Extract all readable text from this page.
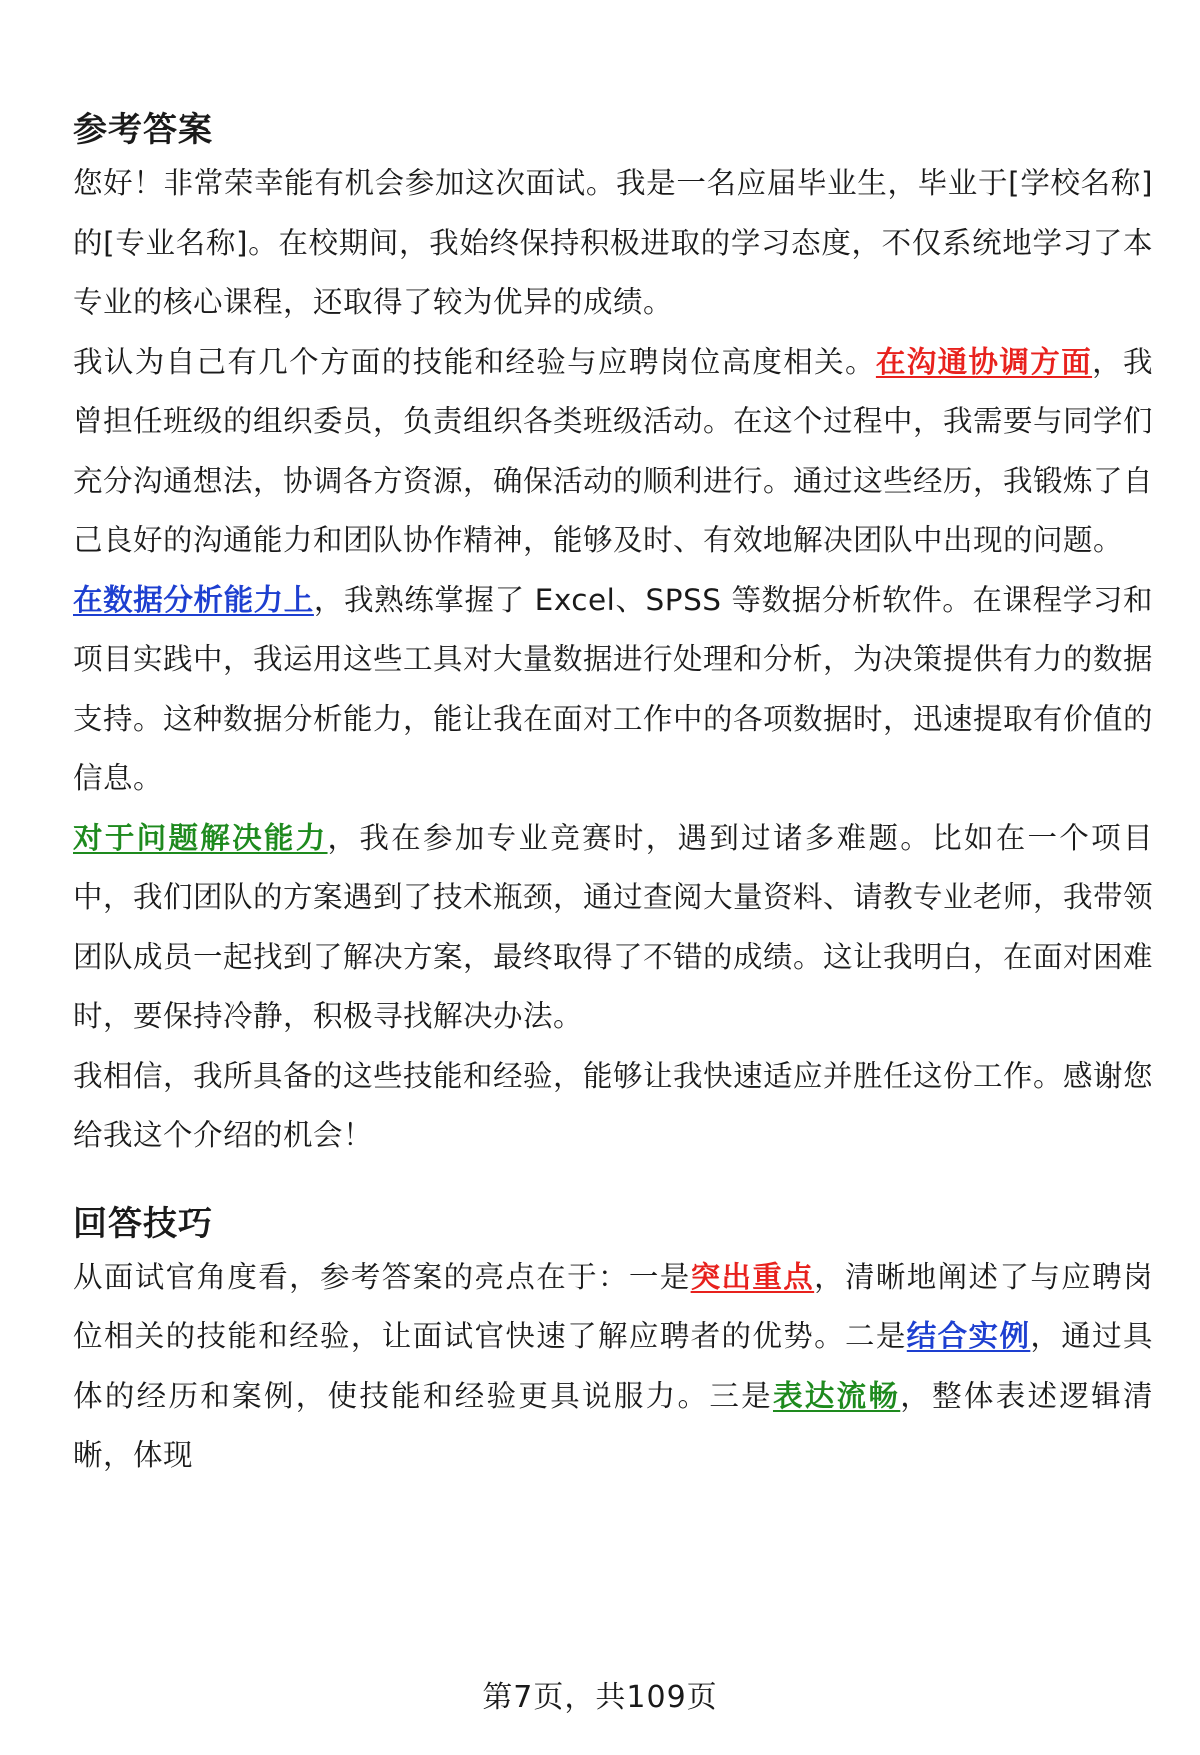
参考答案

您好！非常荣幸能有机会参加这次面试。我是一名应届毕业生，毕业于[学校名称]的[专业名称]。在校期间，我始终保持积极进取的学习态度，不仅系统地学习了本专业的核心课程，还取得了较为优异的成绩。

我认为自己有几个方面的技能和经验与应聘岗位高度相关。在沟通协调方面，我曾担任班级的组织委员，负责组织各类班级活动。在这个过程中，我需要与同学们充分沟通想法，协调各方资源，确保活动的顺利进行。通过这些经历，我锻炼了自己良好的沟通能力和团队协作精神，能够及时、有效地解决团队中出现的问题。

在数据分析能力上，我熟练掌握了 Excel、SPSS 等数据分析软件。在课程学习和项目实践中，我运用这些工具对大量数据进行处理和分析，为决策提供有力的数据支持。这种数据分析能力，能让我在面对工作中的各项数据时，迅速提取有价值的信息。

对于问题解决能力，我在参加专业竞赛时，遇到过诸多难题。比如在一个项目中，我们团队的方案遇到了技术瓶颈，通过查阅大量资料、请教专业老师，我带领团队成员一起找到了解决方案，最终取得了不错的成绩。这让我明白，在面对困难时，要保持冷静，积极寻找解决办法。

我相信，我所具备的这些技能和经验，能够让我快速适应并胜任这份工作。感谢您给我这个介绍的机会！

回答技巧

从面试官角度看，参考答案的亮点在于：一是突出重点，清晰地阐述了与应聘岗位相关的技能和经验，让面试官快速了解应聘者的优势。二是结合实例，通过具体的经历和案例，使技能和经验更具说服力。三是表达流畅，整体表述逻辑清晰，体现

第7页，共109页
